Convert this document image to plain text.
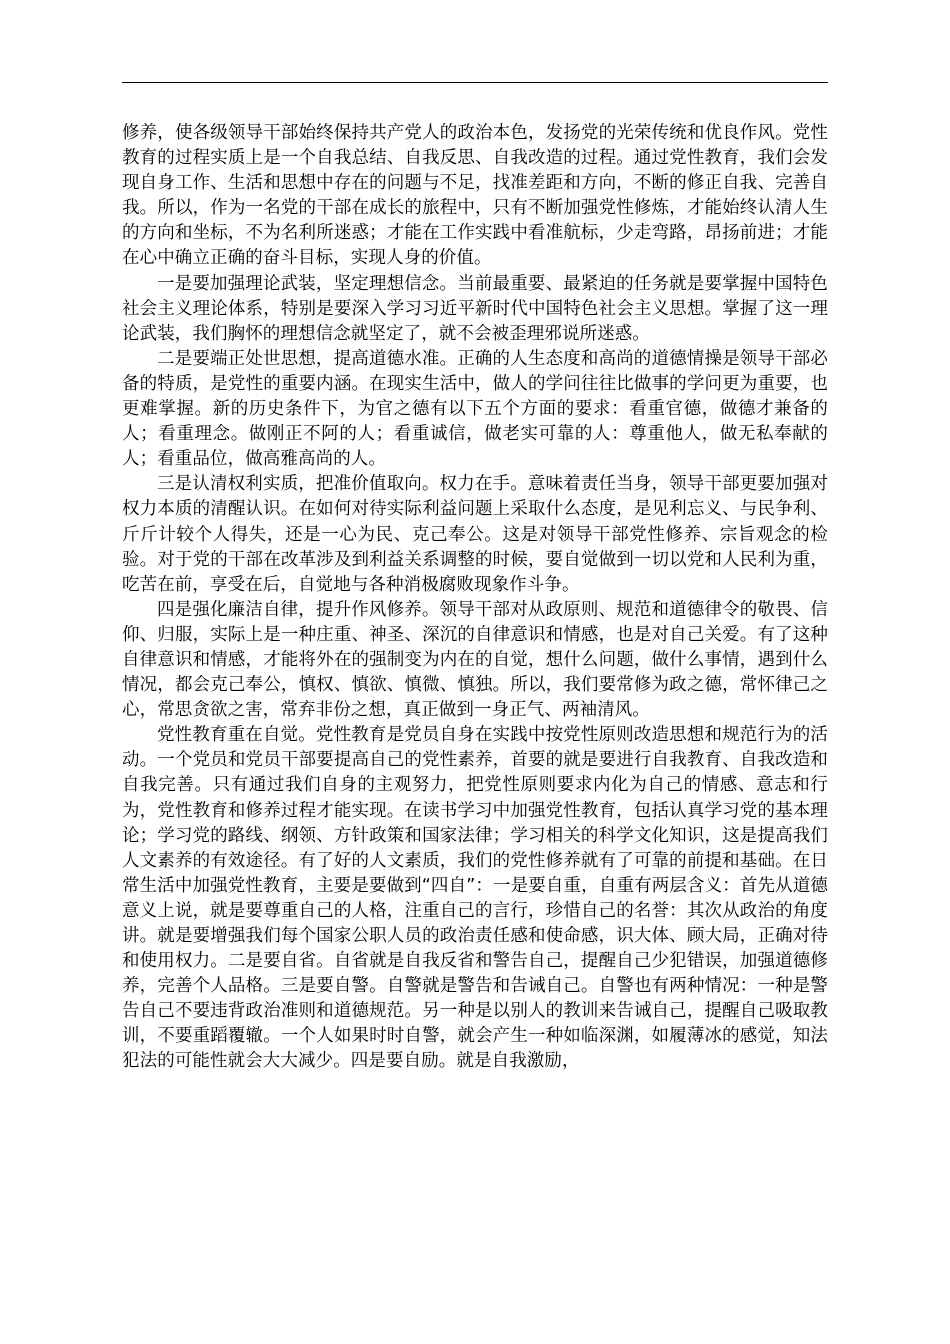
修养，使各级领导干部始终保持共产党人的政治本色，发扬党的光荣传统和优良作风。党性教育的过程实质上是一个自我总结、自我反思、自我改造的过程。通过党性教育，我们会发现自身工作、生活和思想中存在的问题与不足，找准差距和方向，不断的修正自我、完善自我。所以，作为一名党的干部在成长的旅程中，只有不断加强党性修炼，才能始终认清人生的方向和坐标，不为名利所迷惑；才能在工作实践中看准航标，少走弯路，昂扬前进；才能在心中确立正确的奋斗目标，实现人身的价值。

一是要加强理论武装，坚定理想信念。当前最重要、最紧迫的任务就是要掌握中国特色社会主义理论体系，特别是要深入学习习近平新时代中国特色社会主义思想。掌握了这一理论武装，我们胸怀的理想信念就坚定了，就不会被歪理邪说所迷惑。

二是要端正处世思想，提高道德水准。正确的人生态度和高尚的道德情操是领导干部必备的特质，是党性的重要内涵。在现实生活中，做人的学问往往比做事的学问更为重要，也更难掌握。新的历史条件下，为官之德有以下五个方面的要求：看重官德，做德才兼备的人；看重理念。做刚正不阿的人；看重诚信，做老实可靠的人：尊重他人，做无私奉献的人；看重品位，做高雅高尚的人。

三是认清权利实质，把准价值取向。权力在手。意味着责任当身，领导干部更要加强对权力本质的清醒认识。在如何对待实际利益问题上采取什么态度，是见利忘义、与民争利、斤斤计较个人得失，还是一心为民、克己奉公。这是对领导干部党性修养、宗旨观念的检验。对于党的干部在改革涉及到利益关系调整的时候，要自觉做到一切以党和人民利为重，吃苦在前，享受在后，自觉地与各种消极腐败现象作斗争。

四是强化廉洁自律，提升作风修养。领导干部对从政原则、规范和道德律令的敬畏、信仰、归服，实际上是一种庄重、神圣、深沉的自律意识和情感，也是对自己关爱。有了这种自律意识和情感，才能将外在的强制变为内在的自觉，想什么问题，做什么事情，遇到什么情况，都会克己奉公，慎权、慎欲、慎微、慎独。所以，我们要常修为政之德，常怀律己之心，常思贪欲之害，常弃非份之想，真正做到一身正气、两袖清风。

党性教育重在自觉。党性教育是党员自身在实践中按党性原则改造思想和规范行为的活动。一个党员和党员干部要提高自己的党性素养，首要的就是要进行自我教育、自我改造和自我完善。只有通过我们自身的主观努力，把党性原则要求内化为自己的情感、意志和行为，党性教育和修养过程才能实现。在读书学习中加强党性教育，包括认真学习党的基本理论；学习党的路线、纲领、方针政策和国家法律；学习相关的科学文化知识，这是提高我们人文素养的有效途径。有了好的人文素质，我们的党性修养就有了可靠的前提和基础。在日常生活中加强党性教育，主要是要做到“四自”：一是要自重，自重有两层含义：首先从道德意义上说，就是要尊重自己的人格，注重自己的言行，珍惜自己的名誉：其次从政治的角度讲。就是要增强我们每个国家公职人员的政治责任感和使命感，识大体、顾大局，正确对待和使用权力。二是要自省。自省就是自我反省和警告自己，提醒自己少犯错误，加强道德修养，完善个人品格。三是要自警。自警就是警告和告诫自己。自警也有两种情况：一种是警告自己不要违背政治准则和道德规范。另一种是以别人的教训来告诫自己，提醒自己吸取教训，不要重蹈覆辙。一个人如果时时自警，就会产生一种如临深渊，如履薄冰的感觉，知法犯法的可能性就会大大减少。四是要自励。就是自我激励，
